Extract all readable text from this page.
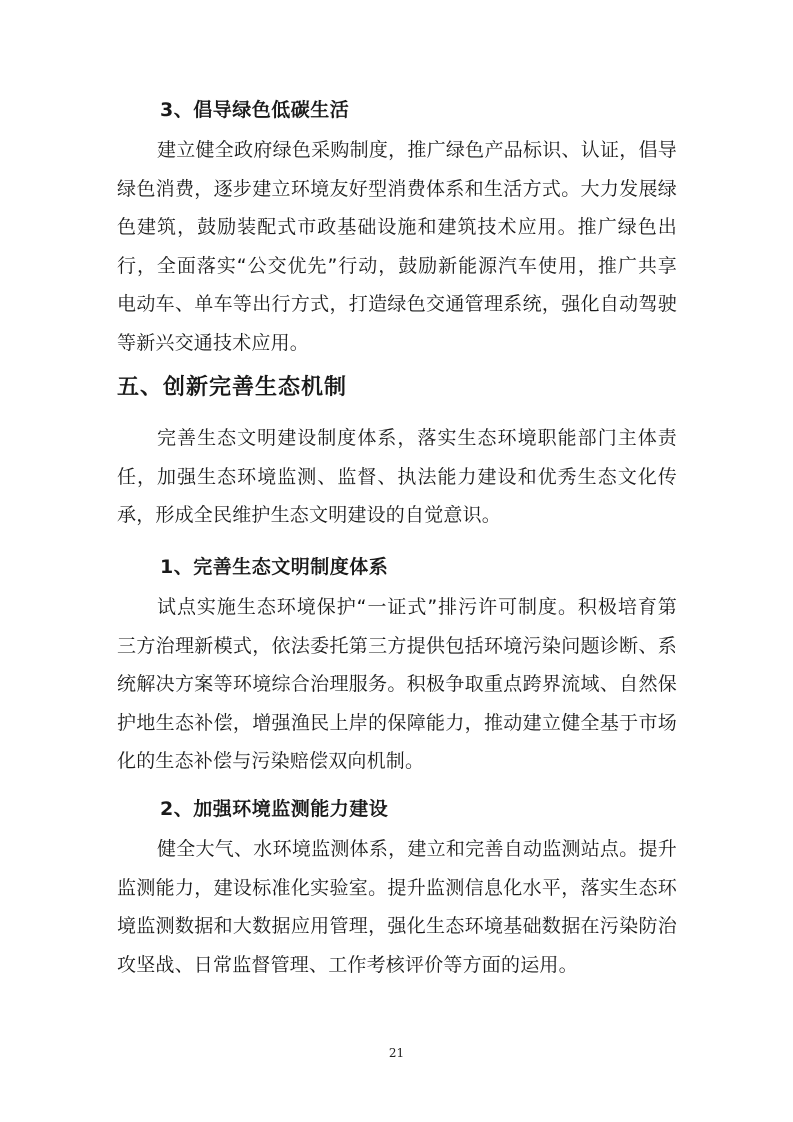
3、倡导绿色低碳生活
建立健全政府绿色采购制度，推广绿色产品标识、认证，倡导
绿色消费，逐步建立环境友好型消费体系和生活方式。大力发展绿
色建筑，鼓励装配式市政基础设施和建筑技术应用。推广绿色出
行，全面落实“公交优先”行动，鼓励新能源汽车使用，推广共享
电动车、单车等出行方式，打造绿色交通管理系统，强化自动驾驶
等新兴交通技术应用。
五、创新完善生态机制
完善生态文明建设制度体系，落实生态环境职能部门主体责
任，加强生态环境监测、监督、执法能力建设和优秀生态文化传
承，形成全民维护生态文明建设的自觉意识。
1、完善生态文明制度体系
试点实施生态环境保护“一证式”排污许可制度。积极培育第
三方治理新模式，依法委托第三方提供包括环境污染问题诊断、系
统解决方案等环境综合治理服务。积极争取重点跨界流域、自然保
护地生态补偿，增强渔民上岸的保障能力，推动建立健全基于市场
化的生态补偿与污染赔偿双向机制。
2、加强环境监测能力建设
健全大气、水环境监测体系，建立和完善自动监测站点。提升
监测能力，建设标准化实验室。提升监测信息化水平，落实生态环
境监测数据和大数据应用管理，强化生态环境基础数据在污染防治
攻坚战、日常监督管理、工作考核评价等方面的运用。
21
